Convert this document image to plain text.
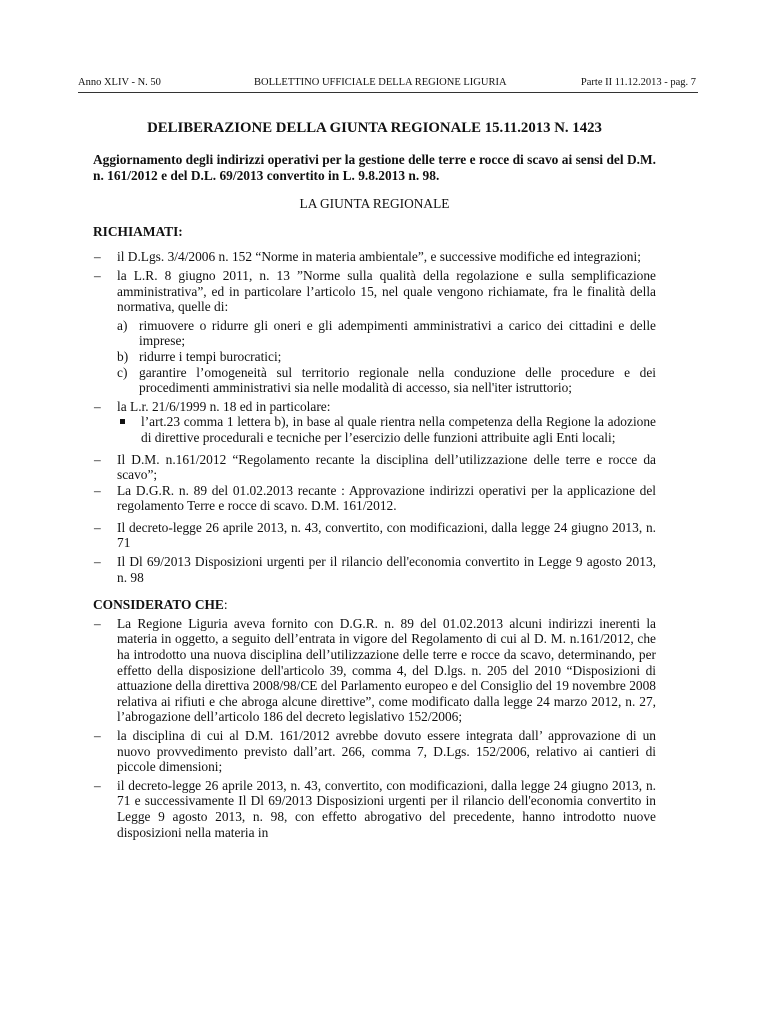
Anno XLIV - N. 50	BOLLETTINO UFFICIALE DELLA REGIONE LIGURIA	Parte II 11.12.2013 - pag. 7
DELIBERAZIONE DELLA GIUNTA REGIONALE 15.11.2013 N. 1423

Aggiornamento degli indirizzi operativi per la gestione delle terre e rocce di scavo ai sensi del D.M. n. 161/2012 e del D.L. 69/2013 convertito in L. 9.8.2013 n. 98.

LA GIUNTA REGIONALE

RICHIAMATI:

– il D.Lgs. 3/4/2006 n. 152 “Norme in materia ambientale”, e successive modifiche ed integrazioni;

– la L.R. 8 giugno 2011, n. 13 ”Norme sulla qualità della regolazione e sulla semplificazione amministrativa”, ed in particolare l’articolo 15, nel quale vengono richiamate, fra le finalità della normativa, quelle di:

a) rimuovere o ridurre gli oneri e gli adempimenti amministrativi a carico dei cittadini e delle imprese;
b) ridurre i tempi burocratici;
c) garantire l’omogeneità sul territorio regionale nella conduzione delle procedure e dei procedimenti amministrativi sia nelle modalità di accesso, sia nell'iter istruttorio;

– la L.r. 21/6/1999 n. 18 ed in particolare:

l’art.23 comma 1 lettera b), in base al quale rientra nella competenza della Regione la adozione di direttive procedurali e tecniche per l’esercizio delle funzioni attribuite agli Enti locali;
– Il D.M. n.161/2012 “Regolamento recante la disciplina dell’utilizzazione delle terre e rocce da scavo”;
– La D.G.R. n. 89 del 01.02.2013 recante : Approvazione indirizzi operativi per la applicazione del regolamento Terre e rocce di scavo. D.M. 161/2012.
– Il decreto-legge 26 aprile 2013, n. 43, convertito, con modificazioni, dalla legge 24 giugno 2013, n. 71
– Il Dl 69/2013 Disposizioni urgenti per il rilancio dell'economia convertito in Legge 9 agosto 2013, n. 98

CONSIDERATO CHE:

– La Regione Liguria aveva fornito con D.G.R. n. 89 del 01.02.2013 alcuni indirizzi inerenti la materia in oggetto, a seguito dell’entrata in vigore del Regolamento di cui al D. M. n.161/2012, che ha introdotto una nuova disciplina dell’utilizzazione delle terre e rocce da scavo, determinando, per effetto della disposizione dell'articolo 39, comma 4, del D.lgs. n. 205 del 2010 “Disposizioni di attuazione della direttiva 2008/98/CE del Parlamento europeo e del Consiglio del 19 novembre 2008 relativa ai rifiuti e che abroga alcune direttive”, come modificato dalla legge 24 marzo 2012, n. 27, l’abrogazione dell’articolo 186 del decreto legislativo 152/2006;
– la disciplina di cui al D.M. 161/2012 avrebbe dovuto essere integrata dall’ approvazione di un nuovo provvedimento previsto dall’art. 266, comma 7, D.Lgs. 152/2006, relativo ai cantieri di piccole dimensioni;
– il decreto-legge 26 aprile 2013, n. 43, convertito, con modificazioni, dalla legge 24 giugno 2013, n. 71 e successivamente Il Dl 69/2013 Disposizioni urgenti per il rilancio dell'economia convertito in Legge 9 agosto 2013, n. 98, con effetto abrogativo del precedente, hanno introdotto nuove disposizioni nella materia in
